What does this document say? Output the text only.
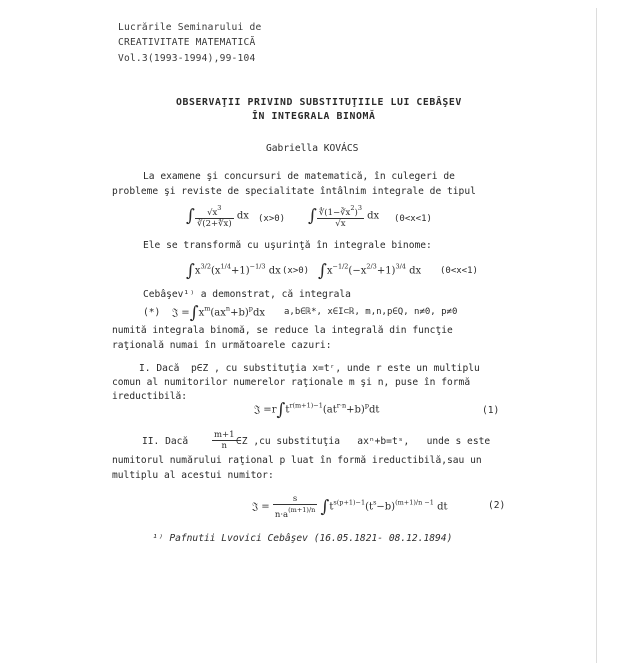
Lucrările Seminarului de
CREATIVITATE MATEMATICĂ
Vol.3(1993-1994),99-104
OBSERVAŢII PRIVIND SUBSTITUŢIILE LUI CEBÂŞEV
ÎN INTEGRALA BINOMĂ
Gabriella KOVÁCS
La examene şi concursuri de matematică, în culegeri de
probleme şi reviste de specialitate întâlnim integrale de tipul
∫ $\frac{√x^3}{∛(2+∜x)}$ dx (x>0) ∫ $\frac{∜(1-∛x^2)^3}{√x}$ dx (0<x<1)
Ele se transformă cu uşurinţă în integrale binome:
$\int x^{3/2}(x^{1/4}+1)^{-1/3}$ dx (x>0) $\int x^{-1/2}(-x^{2/3}+1)^{3/4}$ dx (0<x<1)
Cebâşev¹⁾ a demonstrat, că integrala
(*) 𝔍 $=\int x^m(ax^n+b)^pdx$ a,b∈ℝ*, x∈I⊂ℝ, m,n,p∈Q, n≠0, p≠0
numită integrala binomă, se reduce la integrală din funcţie
raţională numai în următoarele cazuri:
I. Dacă  p∈Z , cu substituţia x=tʳ, unde r este un multiplu
comun al numitorilor numerelor raţionale m şi n, puse în formă
ireductibilă:
𝔍 $=r\int t^{r(m+1)-1}(at^{r\cdot n}+b)^pdt$	(1)
II. Dacă	$\frac{m+1}{n}$ ∈Z ,cu substituţia   axⁿ+b=tˢ,   unde s este
numitorul numărului raţional p luat în formă ireductibilă,sau un
multiplu al acestui numitor:
𝔍 = $\frac{s}{n\cdot a^{(m+1)/n}} \int t^{s(p+1)-1}(t^s-b)^{(m+1)/n -1}$ dt	(2)
¹⁾ Pafnutii Lvovici Cebâşev (16.05.1821- 08.12.1894)
